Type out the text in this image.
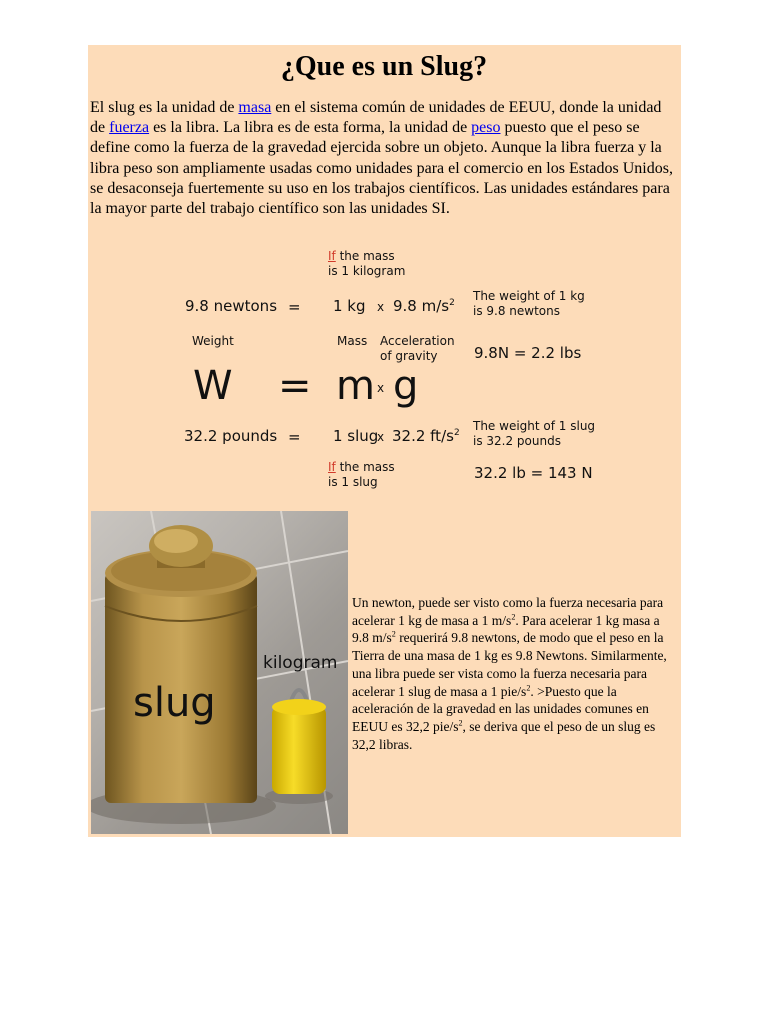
¿Que es un Slug?

El slug es la unidad de masa en el sistema común de unidades de EEUU, donde la unidad de fuerza es la libra. La libra es de esta forma, la unidad de peso puesto que el peso se define como la fuerza de la gravedad ejercida sobre un objeto. Aunque la libra fuerza y la libra peso son ampliamente usadas como unidades para el comercio en los Estados Unidos, se desaconseja fuertemente su uso en los trabajos científicos. Las unidades estándares para la mayor parte del trabajo científico son las unidades SI.

If the mass
is 1 kilogram
9.8 newtons = 1 kg x 9.8 $m/s^2$ The weight of 1 kg
is 9.8 newtons
Weight	Mass Acceleration
of gravity	9.8N = 2.2 lbs
W = m x g
32.2 pounds = 1 slug
x 32.2 $ft/s^2$ The weight of 1 slug
is 32.2 pounds
If the mass
is 1 slug	32.2 lb = 143 N
kilogram
slug

Un newton, puede ser visto como la fuerza necesaria para acelerar 1 kg de masa a 1 $m/s^2$. Para acelerar 1 kg masa a 9.8 $m/s^2$ requerirá 9.8 newtons, de modo que el peso en la Tierra de una masa de 1 kg es 9.8 Newtons. Similarmente, una libra puede ser vista como la fuerza necesaria para acelerar 1 slug de masa a 1 pie/$s^2$. >Puesto que la aceleración de la gravedad en las unidades comunes en EEUU es 32,2 pie/$s^2$, se deriva que el peso de un slug es 32,2 libras.
